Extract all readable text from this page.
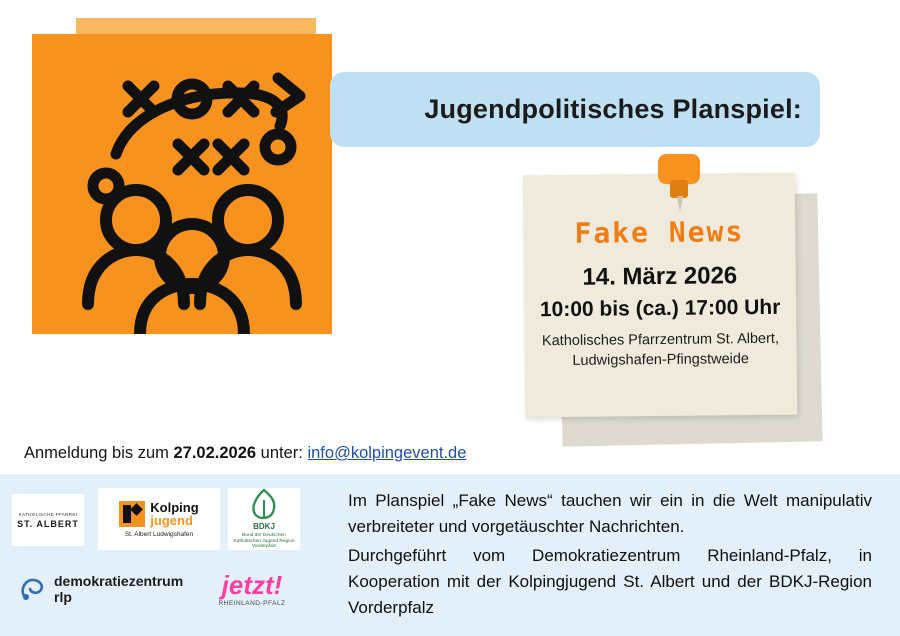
Jugendpolitisches Planspiel:
Fake News
14. März 2026
10:00 bis (ca.) 17:00 Uhr
Katholisches Pfarrzentrum St. Albert,
Ludwigshafen-Pfingstweide
Anmeldung bis zum 27.02.2026 unter: info@kolpingevent.de
KATHOLISCHE PFARREI
ST. ALBERT
Kolping
jugend
St. Albert Ludwigshafen
BDKJ
Bund der Deutschen Katholischen Jugend Region Vorderpfalz
demokratiezentrum rlp	jetzt!
RHEINLAND-PFALZ

Im Planspiel „Fake News“ tauchen wir ein in die Welt manipulativ verbreiteter und vorgetäuschter Nachrichten.

Durchgeführt vom Demokratiezentrum Rheinland-Pfalz, in Kooperation mit der Kolpingjugend St. Albert und der BDKJ-Region Vorderpfalz
